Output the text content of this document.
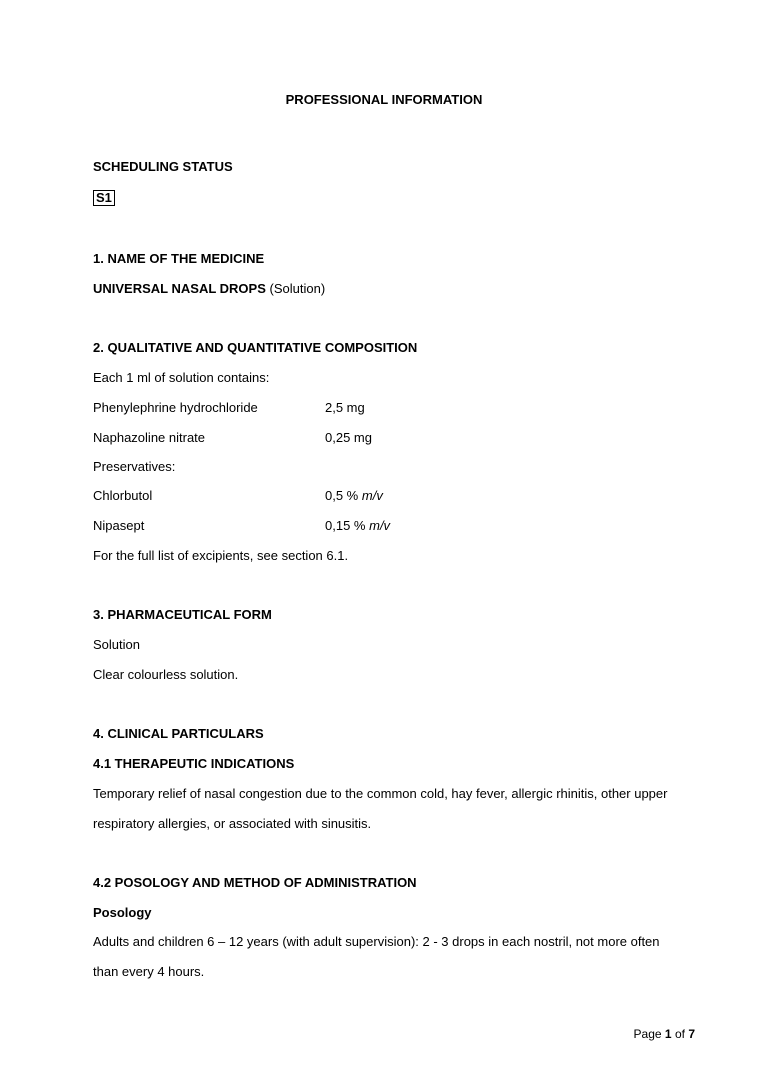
PROFESSIONAL INFORMATION
SCHEDULING STATUS
S1
1. NAME OF THE MEDICINE
UNIVERSAL NASAL DROPS (Solution)
2. QUALITATIVE AND QUANTITATIVE COMPOSITION
Each 1 ml of solution contains:
Phenylephrine hydrochloride	2,5 mg
Naphazoline nitrate	0,25 mg
Preservatives:
Chlorbutol	0,5 % m/v
Nipasept	0,15 % m/v
For the full list of excipients, see section 6.1.
3. PHARMACEUTICAL FORM
Solution
Clear colourless solution.
4. CLINICAL PARTICULARS
4.1 THERAPEUTIC INDICATIONS
Temporary relief of nasal congestion due to the common cold, hay fever, allergic rhinitis, other upper
respiratory allergies, or associated with sinusitis.
4.2 POSOLOGY AND METHOD OF ADMINISTRATION
Posology
Adults and children 6 – 12 years (with adult supervision): 2 - 3 drops in each nostril, not more often
than every 4 hours.
Page 1 of 7
